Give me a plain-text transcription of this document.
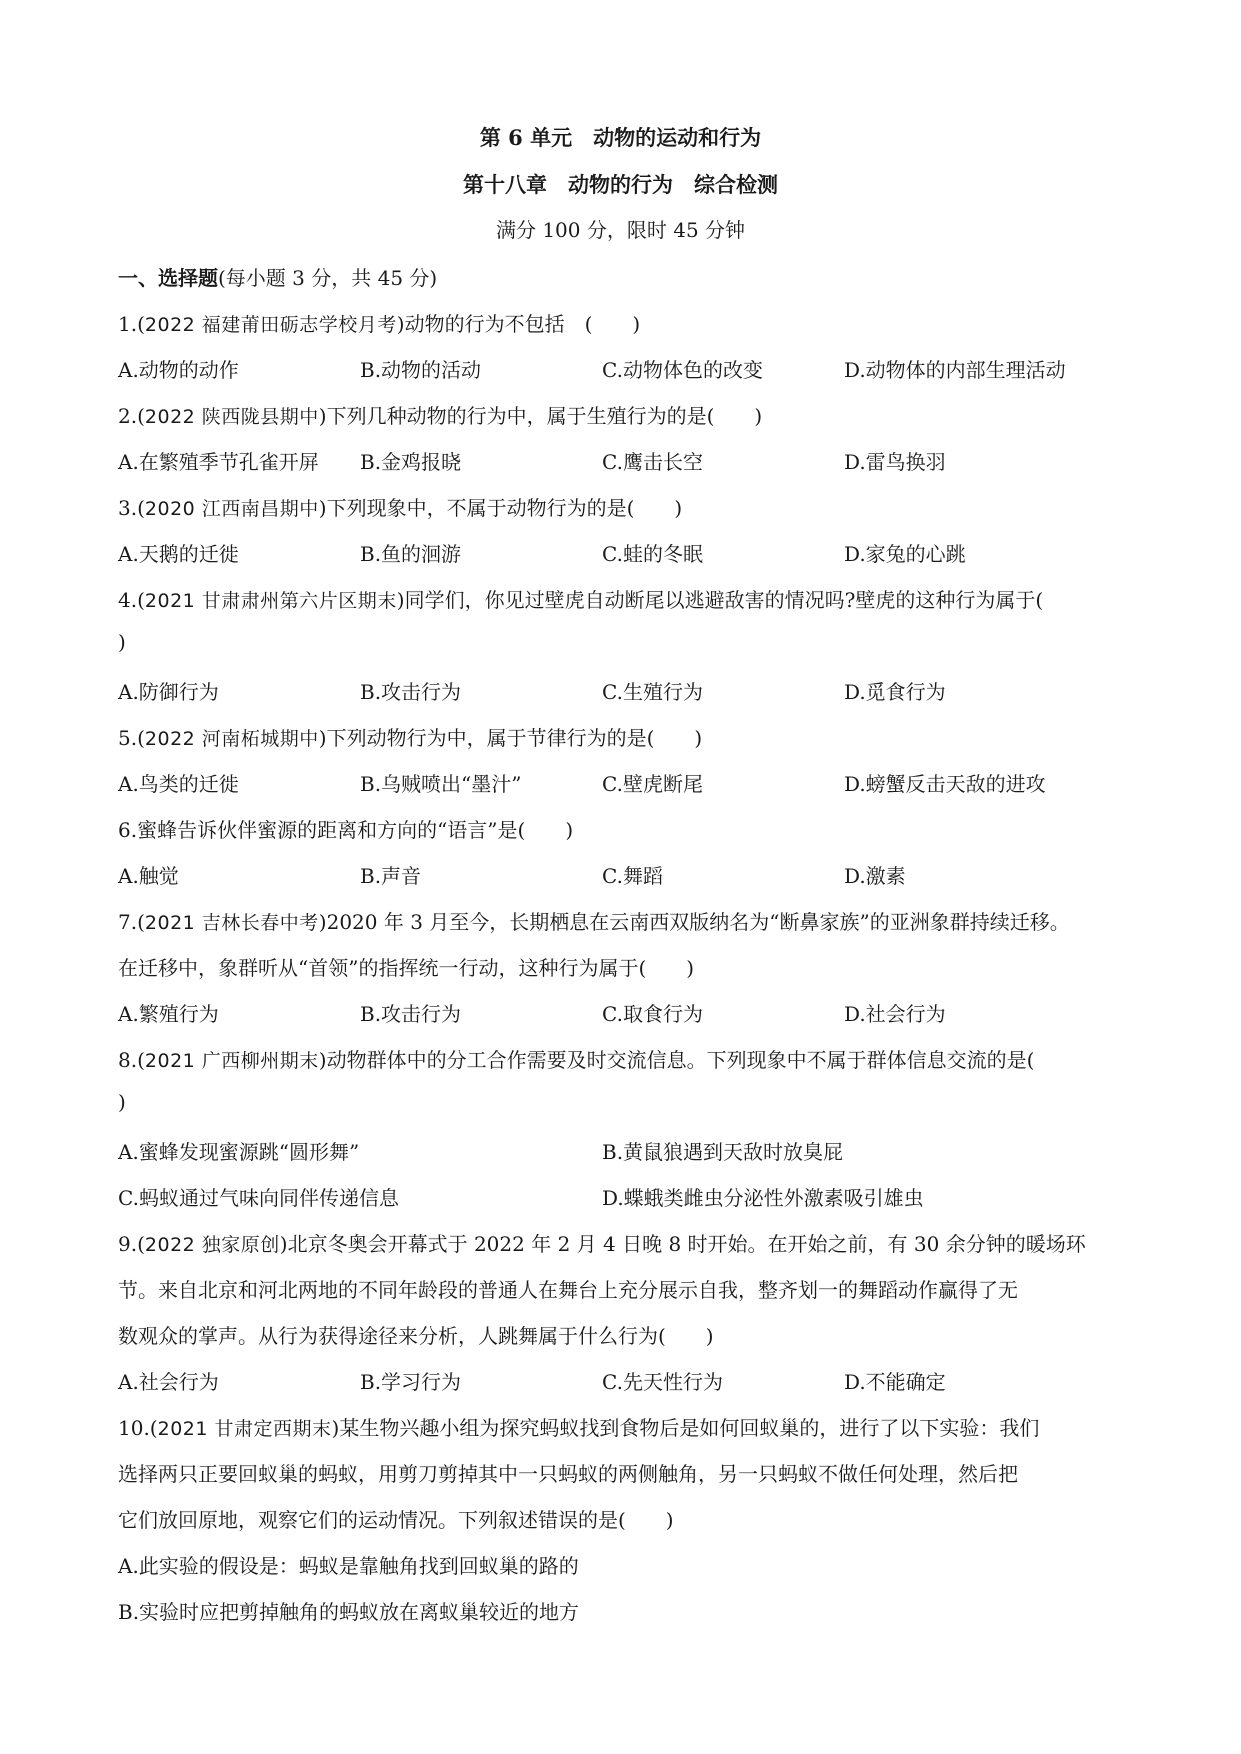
第 6 单元　动物的运动和行为
第十八章　动物的行为　综合检测
满分 100 分，限时 45 分钟
一、选择题(每小题 3 分，共 45 分)
1.(2022 福建莆田砺志学校月考)动物的行为不包括　(　　)
A.动物的动作	B.动物的活动	C.动物体色的改变	D.动物体的内部生理活动
2.(2022 陕西陇县期中)下列几种动物的行为中，属于生殖行为的是(　　)
A.在繁殖季节孔雀开屏 B.金鸡报晓	C.鹰击长空	D.雷鸟换羽
3.(2020 江西南昌期中)下列现象中，不属于动物行为的是(　　)
A.天鹅的迁徙	B.鱼的洄游	C.蛙的冬眠	D.家兔的心跳
4.(2021 甘肃肃州第六片区期末)同学们，你见过壁虎自动断尾以逃避敌害的情况吗?壁虎的这种行为属于(
)
A.防御行为	B.攻击行为	C.生殖行为	D.觅食行为
5.(2022 河南柘城期中)下列动物行为中，属于节律行为的是(　　)
A.鸟类的迁徙	B.乌贼喷出“墨汁”	C.壁虎断尾	D.螃蟹反击天敌的进攻
6.蜜蜂告诉伙伴蜜源的距离和方向的“语言”是(　　)
A.触觉	B.声音	C.舞蹈	D.激素
7.(2021 吉林长春中考)2020 年 3 月至今，长期栖息在云南西双版纳名为“断鼻家族”的亚洲象群持续迁移。
在迁移中，象群听从“首领”的指挥统一行动，这种行为属于(　　)
A.繁殖行为	B.攻击行为	C.取食行为	D.社会行为
8.(2021 广西柳州期末)动物群体中的分工合作需要及时交流信息。下列现象中不属于群体信息交流的是(
)
A.蜜蜂发现蜜源跳“圆形舞”	B.黄鼠狼遇到天敌时放臭屁
C.蚂蚁通过气味向同伴传递信息	D.蝶蛾类雌虫分泌性外激素吸引雄虫
9.(2022 独家原创)北京冬奥会开幕式于 2022 年 2 月 4 日晚 8 时开始。在开始之前，有 30 余分钟的暖场环
节。来自北京和河北两地的不同年龄段的普通人在舞台上充分展示自我，整齐划一的舞蹈动作赢得了无
数观众的掌声。从行为获得途径来分析，人跳舞属于什么行为(　　)
A.社会行为	B.学习行为	C.先天性行为	D.不能确定
10.(2021 甘肃定西期末)某生物兴趣小组为探究蚂蚁找到食物后是如何回蚁巢的，进行了以下实验：我们
选择两只正要回蚁巢的蚂蚁，用剪刀剪掉其中一只蚂蚁的两侧触角，另一只蚂蚁不做任何处理，然后把
它们放回原地，观察它们的运动情况。下列叙述错误的是(　　)
A.此实验的假设是：蚂蚁是靠触角找到回蚁巢的路的
B.实验时应把剪掉触角的蚂蚁放在离蚁巢较近的地方
